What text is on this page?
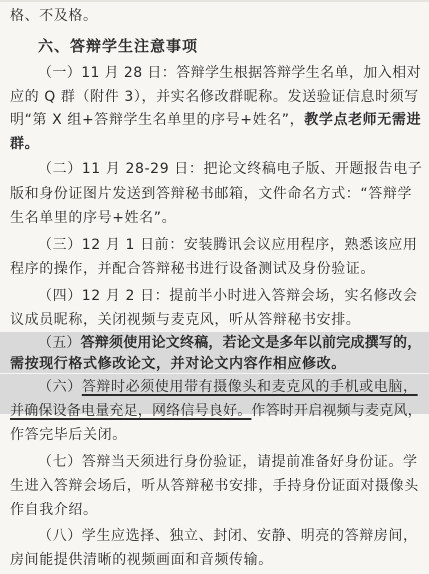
格、不及格。
六、答辩学生注意事项
（一）11 月 28 日：答辩学生根据答辩学生名单，加入相对
应的 Q 群（附件 3），并实名修改群昵称。发送验证信息时须写
明“第 X 组+答辩学生名单里的序号+姓名”，教学点老师无需进
群。
（二）11 月 28-29 日：把论文终稿电子版、开题报告电子
版和身份证图片发送到答辩秘书邮箱，文件命名方式：“答辩学
生名单里的序号+姓名”。
（三）12 月 1 日前：安装腾讯会议应用程序，熟悉该应用
程序的操作，并配合答辩秘书进行设备测试及身份验证。
（四）12 月 2 日：提前半小时进入答辩会场，实名修改会
议成员昵称，关闭视频与麦克风，听从答辩秘书安排。
（五）答辩须使用论文终稿，若论文是多年以前完成撰写的，
需按现行格式修改论文，并对论文内容作相应修改。
（六）答辩时必须使用带有摄像头和麦克风的手机或电脑，
并确保设备电量充足，网络信号良好。作答时开启视频与麦克风，
作答完毕后关闭。
（七）答辩当天须进行身份验证，请提前准备好身份证。学
生进入答辩会场后，听从答辩秘书安排，手持身份证面对摄像头
作自我介绍。
（八）学生应选择、独立、封闭、安静、明亮的答辩房间，
房间能提供清晰的视频画面和音频传输。
